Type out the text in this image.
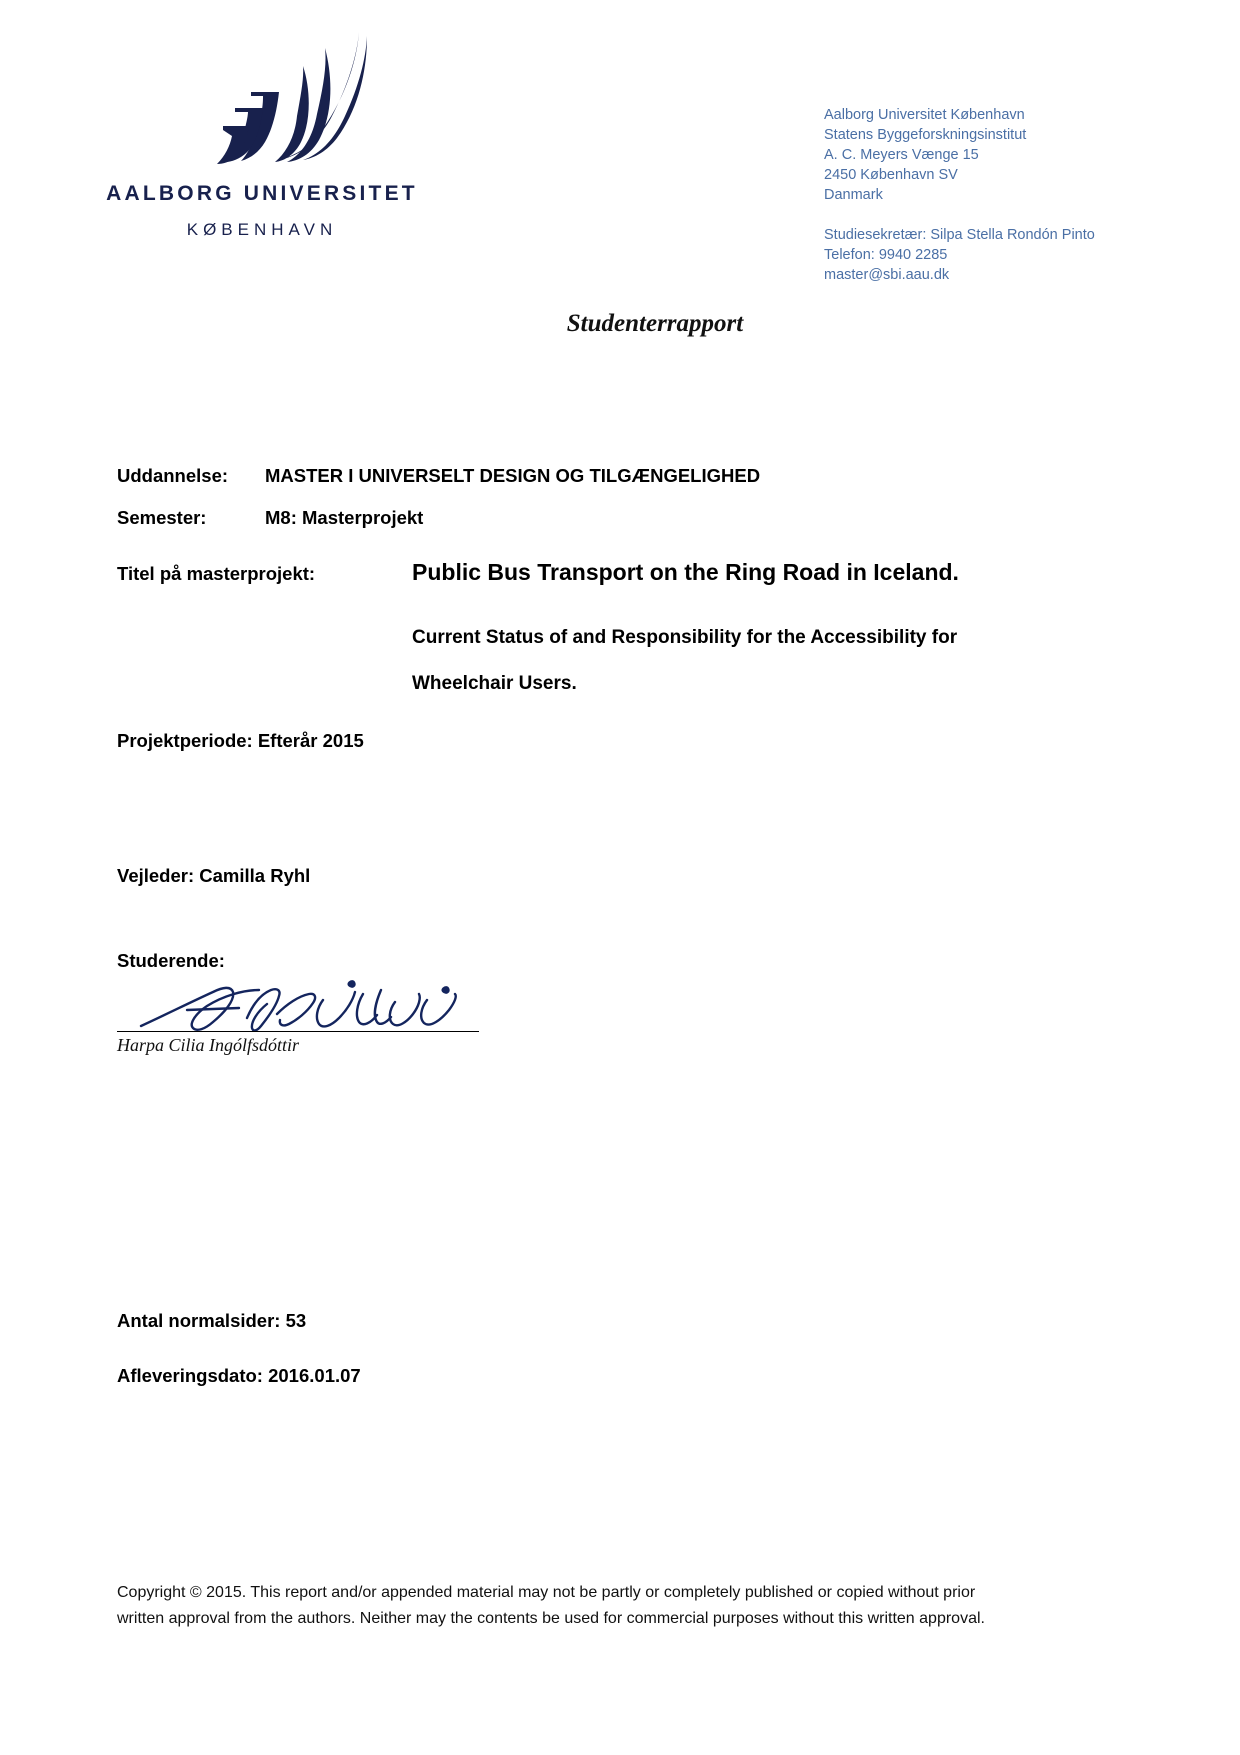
AALBORG UNIVERSITET
KØBENHAVN
Aalborg Universitet København
Statens Byggeforskningsinstitut
A. C. Meyers Vænge 15
2450 København SV
Danmark
Studiesekretær: Silpa Stella Rondón Pinto
Telefon: 9940 2285
master@sbi.aau.dk
Studenterrapport
Uddannelse:	MASTER I UNIVERSELT DESIGN OG TILGÆNGELIGHED
Semester:	M8: Masterprojekt
Titel på masterprojekt:	Public Bus Transport on the Ring Road in Iceland.
Current Status of and Responsibility for the Accessibility for
Wheelchair Users.
Projektperiode: Efterår 2015
Vejleder: Camilla Ryhl
Studerende:
Harpa Cilia Ingólfsdóttir
Antal normalsider: 53
Afleveringsdato: 2016.01.07
Copyright © 2015. This report and/or appended material may not be partly or completely published or copied without prior
written approval from the authors. Neither may the contents be used for commercial purposes without this written approval.
